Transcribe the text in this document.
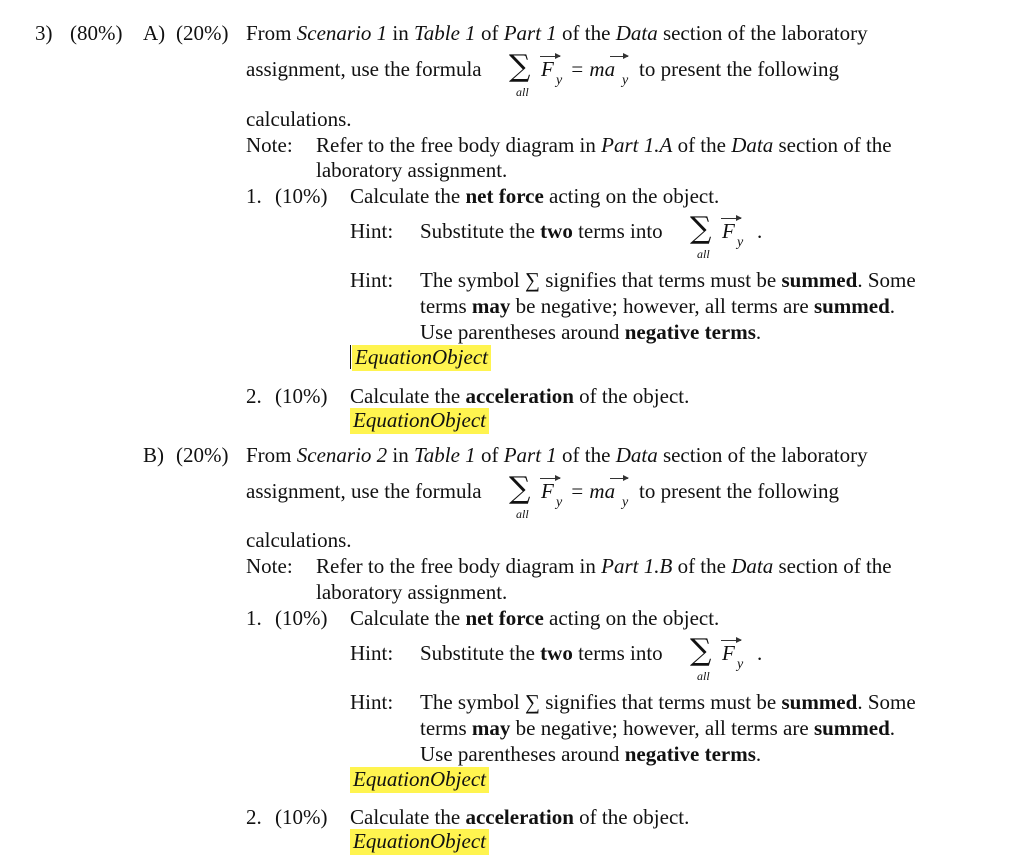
3) (80%) A) (20%) From Scenario 1 in Table 1 of Part 1 of the Data section of the laboratory
assignment, use the formula ∑
all
F y = ma y to present the following
calculations.
Note: Refer to the free body diagram in Part 1.A of the Data section of the
laboratory assignment.
1. (10%) Calculate the net force acting on the object.
Hint: Substitute the two terms into ∑
all
F y .
Hint: The symbol ∑ signifies that terms must be summed. Some
terms may be negative; however, all terms are summed.
Use parentheses around negative terms.
EquationObject
2. (10%) Calculate the acceleration of the object.
EquationObject
B) (20%) From Scenario 2 in Table 1 of Part 1 of the Data section of the laboratory
assignment, use the formula ∑
all
F y = ma y to present the following
calculations.
Note: Refer to the free body diagram in Part 1.B of the Data section of the
laboratory assignment.
1. (10%) Calculate the net force acting on the object.
Hint: Substitute the two terms into ∑
all
F y .
Hint: The symbol ∑ signifies that terms must be summed. Some
terms may be negative; however, all terms are summed.
Use parentheses around negative terms.
EquationObject
2. (10%) Calculate the acceleration of the object.
EquationObject
